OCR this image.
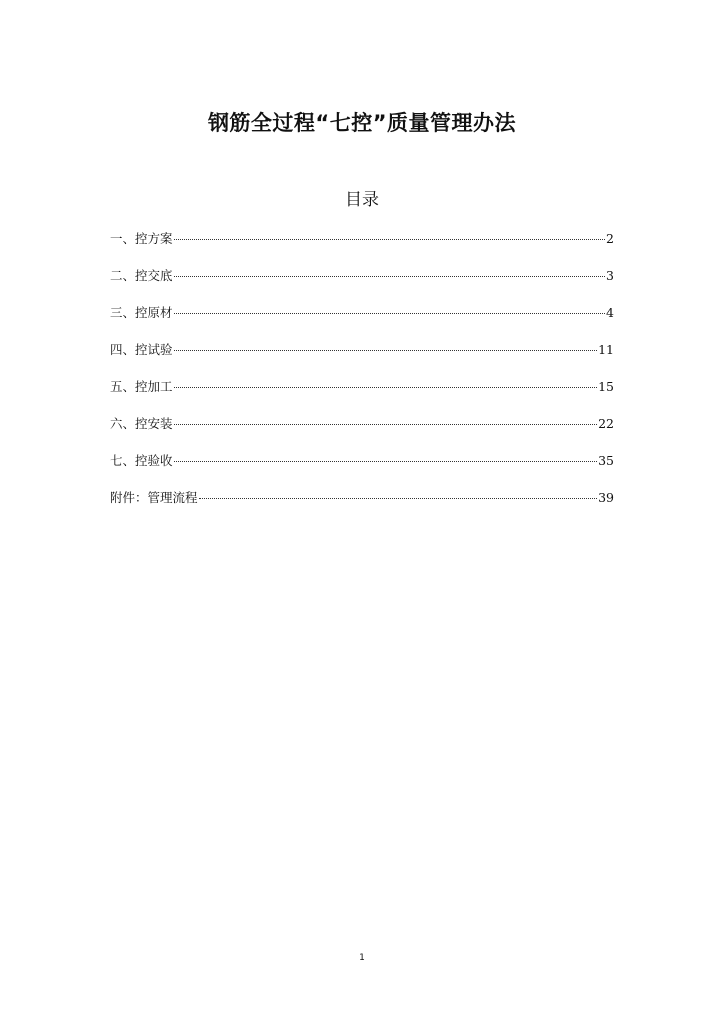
钢筋全过程“七控”质量管理办法
目录
一、控方案	2
二、控交底	3
三、控原材	4
四、控试验	11
五、控加工	15
六、控安装	22
七、控验收	35
附件：管理流程	39
1
